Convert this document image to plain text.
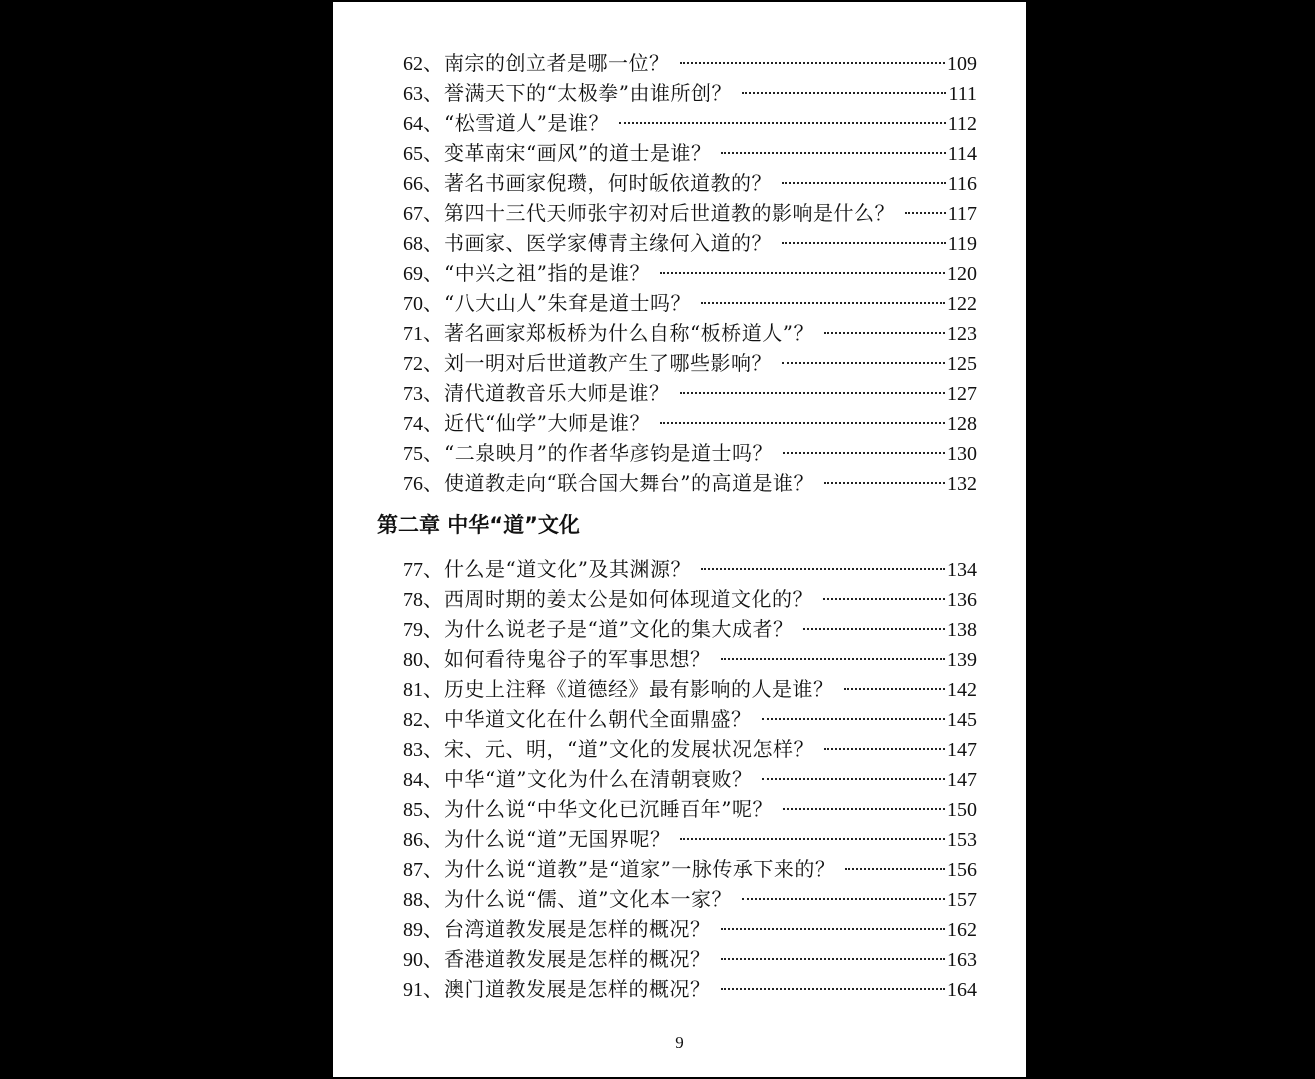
62 、 南宗的创立者是哪一位？	109
63 、 誉满天下的“太极拳”由谁所创？	111
64 、 “松雪道人”是谁？	112
65 、 变革南宋“画风”的道士是谁？	114
66 、 著名书画家倪瓒，何时皈依道教的？	116
67 、 第四十三代天师张宇初对后世道教的影响是什么？	117
68 、 书画家、医学家傅青主缘何入道的？	119
69 、 “中兴之祖”指的是谁？	120
70 、 “八大山人”朱耷是道士吗？	122
71 、 著名画家郑板桥为什么自称“板桥道人”？	123
72 、 刘一明对后世道教产生了哪些影响？	125
73 、 清代道教音乐大师是谁？	127
74 、 近代“仙学”大师是谁？	128
75 、 “二泉映月”的作者华彦钧是道士吗？	130
76 、 使道教走向“联合国大舞台”的高道是谁？	132
第二章 中华“道”文化
77 、 什么是“道文化”及其渊源？	134
78 、 西周时期的姜太公是如何体现道文化的？	136
79 、 为什么说老子是“道”文化的集大成者？	138
80 、 如何看待鬼谷子的军事思想？	139
81 、 历史上注释《道德经》最有影响的人是谁？	142
82 、 中华道文化在什么朝代全面鼎盛？	145
83 、 宋、元、明，“道”文化的发展状况怎样？	147
84 、 中华“道”文化为什么在清朝衰败？	147
85 、 为什么说“中华文化已沉睡百年”呢？	150
86 、 为什么说“道”无国界呢？	153
87 、 为什么说“道教”是“道家”一脉传承下来的？	156
88 、 为什么说“儒、道”文化本一家？	157
89 、 台湾道教发展是怎样的概况？	162
90 、 香港道教发展是怎样的概况？	163
91 、 澳门道教发展是怎样的概况？	164
9
